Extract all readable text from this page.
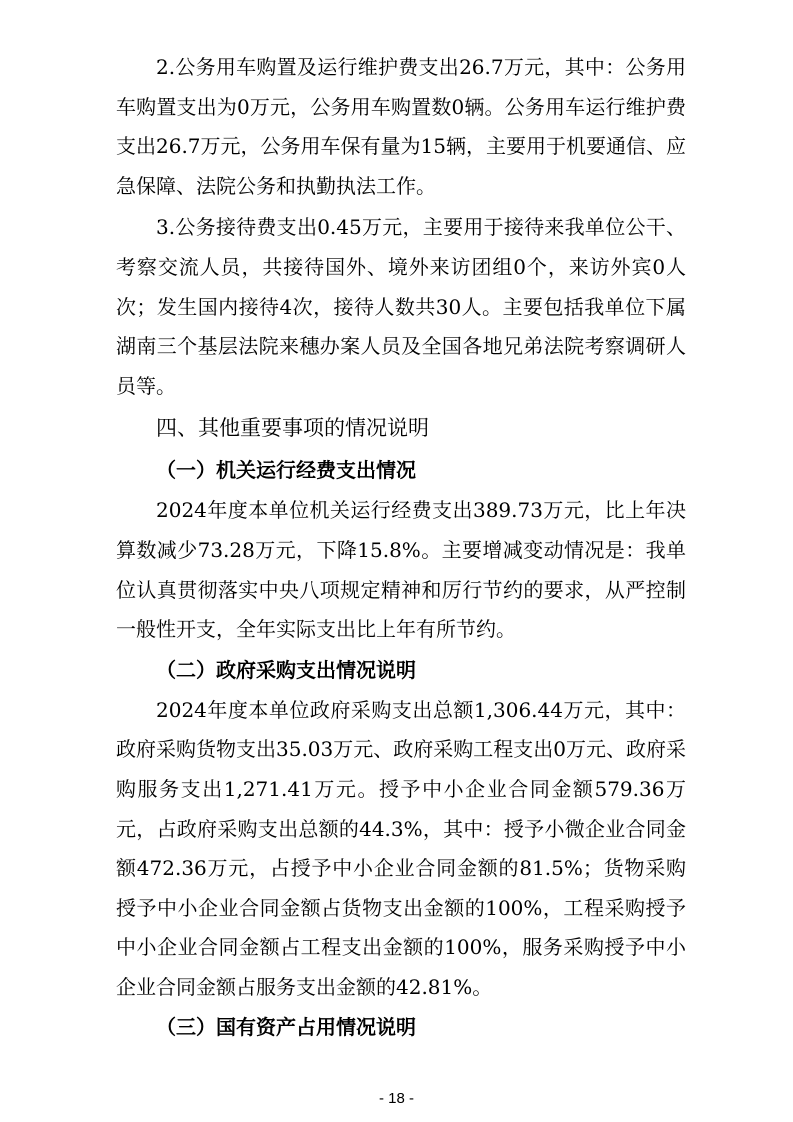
2.公务用车购置及运行维护费支出26.7万元，其中：公务用车购置支出为0万元，公务用车购置数0辆。公务用车运行维护费支出26.7万元，公务用车保有量为15辆，主要用于机要通信、应急保障、法院公务和执勤执法工作。

3.公务接待费支出0.45万元，主要用于接待来我单位公干、考察交流人员，共接待国外、境外来访团组0个，来访外宾0人次；发生国内接待4次，接待人数共30人。主要包括我单位下属湖南三个基层法院来穗办案人员及全国各地兄弟法院考察调研人员等。

四、其他重要事项的情况说明
（一）机关运行经费支出情况

2024年度本单位机关运行经费支出389.73万元，比上年决算数减少73.28万元，下降15.8%。主要增减变动情况是：我单位认真贯彻落实中央八项规定精神和厉行节约的要求，从严控制一般性开支，全年实际支出比上年有所节约。

（二）政府采购支出情况说明

2024年度本单位政府采购支出总额1,306.44万元，其中：政府采购货物支出35.03万元、政府采购工程支出0万元、政府采购服务支出1,271.41万元。授予中小企业合同金额579.36万元，占政府采购支出总额的44.3%，其中：授予小微企业合同金额472.36万元，占授予中小企业合同金额的81.5%；货物采购授予中小企业合同金额占货物支出金额的100%，工程采购授予中小企业合同金额占工程支出金额的100%，服务采购授予中小企业合同金额占服务支出金额的42.81%。

（三）国有资产占用情况说明
- 18 -
